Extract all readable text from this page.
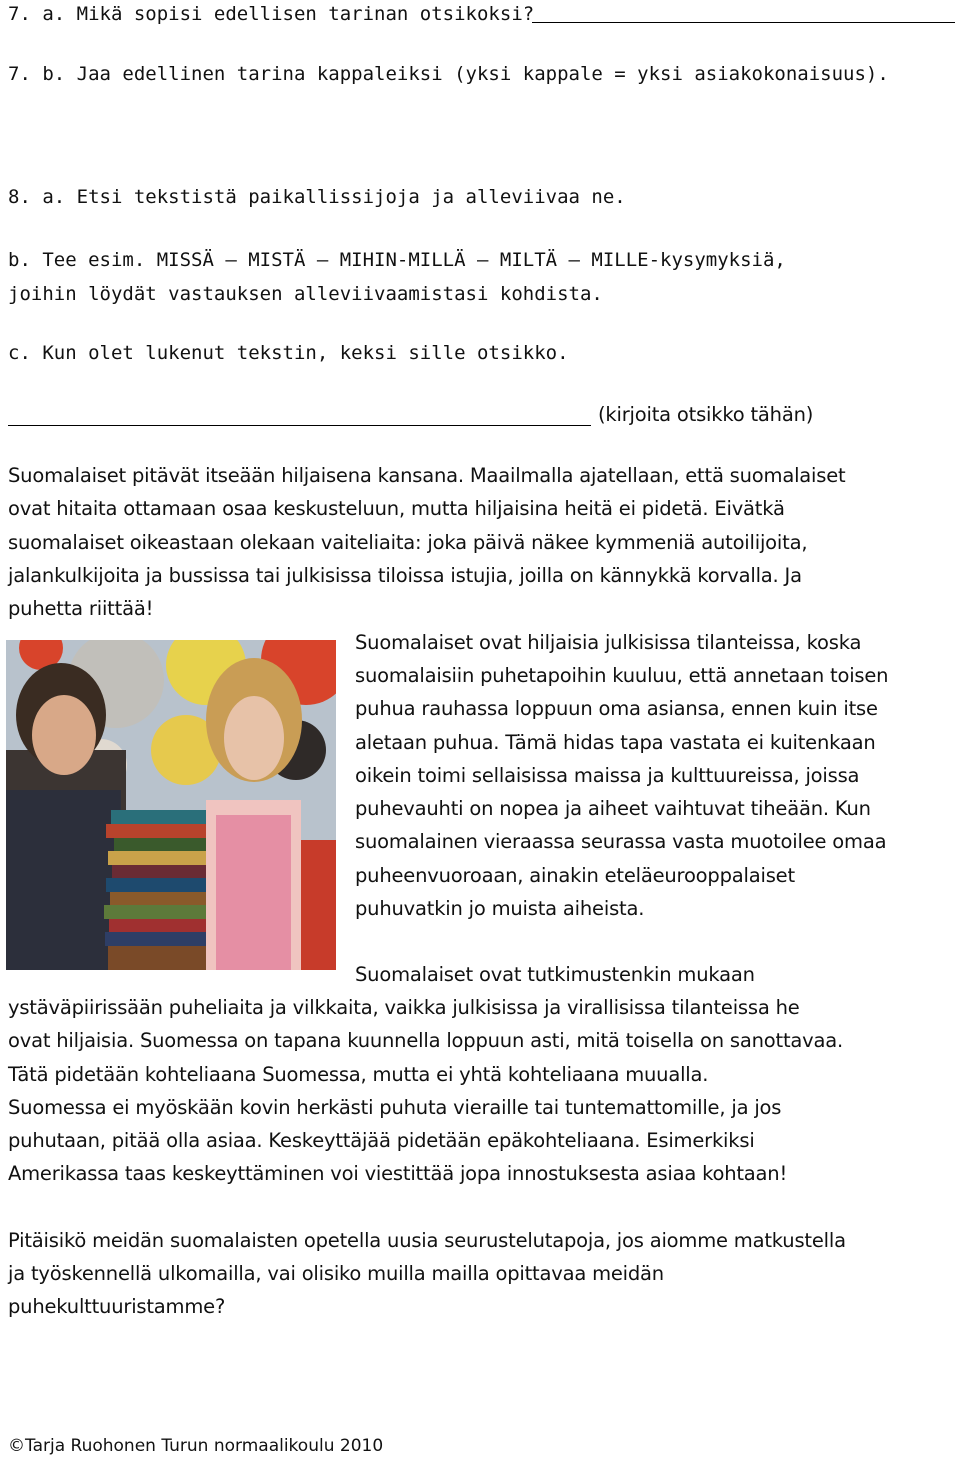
7. a. Mikä sopisi edellisen tarinan otsikoksi?
7. b. Jaa edellinen tarina kappaleiksi (yksi kappale = yksi asiakokonaisuus).
8. a. Etsi tekstistä paikallissijoja ja alleviivaa ne.
b. Tee esim. MISSÄ – MISTÄ – MIHIN-MILLÄ – MILTÄ – MILLE-kysymyksiä,
joihin löydät vastauksen alleviivaamistasi kohdista.
c. Kun olet lukenut tekstin, keksi sille otsikko.
(kirjoita otsikko tähän)
Suomalaiset pitävät itseään hiljaisena kansana. Maailmalla ajatellaan, että suomalaiset
ovat hitaita ottamaan osaa keskusteluun, mutta hiljaisina heitä ei pidetä. Eivätkä
suomalaiset oikeastaan olekaan vaiteliaita: joka päivä näkee kymmeniä autoilijoita,
jalankulkijoita ja bussissa tai julkisissa tiloissa istujia, joilla on kännykkä korvalla. Ja
puhetta riittää!
Suomalaiset ovat hiljaisia julkisissa tilanteissa, koska
suomalaisiin puhetapoihin kuuluu, että annetaan toisen
puhua rauhassa loppuun oma asiansa, ennen kuin itse
aletaan puhua. Tämä hidas tapa vastata ei kuitenkaan
oikein toimi sellaisissa maissa ja kulttuureissa, joissa
puhevauhti on nopea ja aiheet vaihtuvat tiheään. Kun
suomalainen vieraassa seurassa vasta muotoilee omaa
puheenvuoroaan, ainakin eteläeurooppalaiset
puhuvatkin jo muista aiheista.
Suomalaiset ovat tutkimustenkin mukaan
ystäväpiirissään puheliaita ja vilkkaita, vaikka julkisissa ja virallisissa tilanteissa he
ovat hiljaisia. Suomessa on tapana kuunnella loppuun asti, mitä toisella on sanottavaa.
Tätä pidetään kohteliaana Suomessa, mutta ei yhtä kohteliaana muualla.
Suomessa ei myöskään kovin herkästi puhuta vieraille tai tuntemattomille, ja jos
puhutaan, pitää olla asiaa. Keskeyttäjää pidetään epäkohteliaana. Esimerkiksi
Amerikassa taas keskeyttäminen voi viestittää jopa innostuksesta asiaa kohtaan!
Pitäisikö meidän suomalaisten opetella uusia seurustelutapoja, jos aiomme matkustella
ja työskennellä ulkomailla, vai olisiko muilla mailla opittavaa meidän
puhekulttuuristamme?
©Tarja Ruohonen Turun normaalikoulu 2010
